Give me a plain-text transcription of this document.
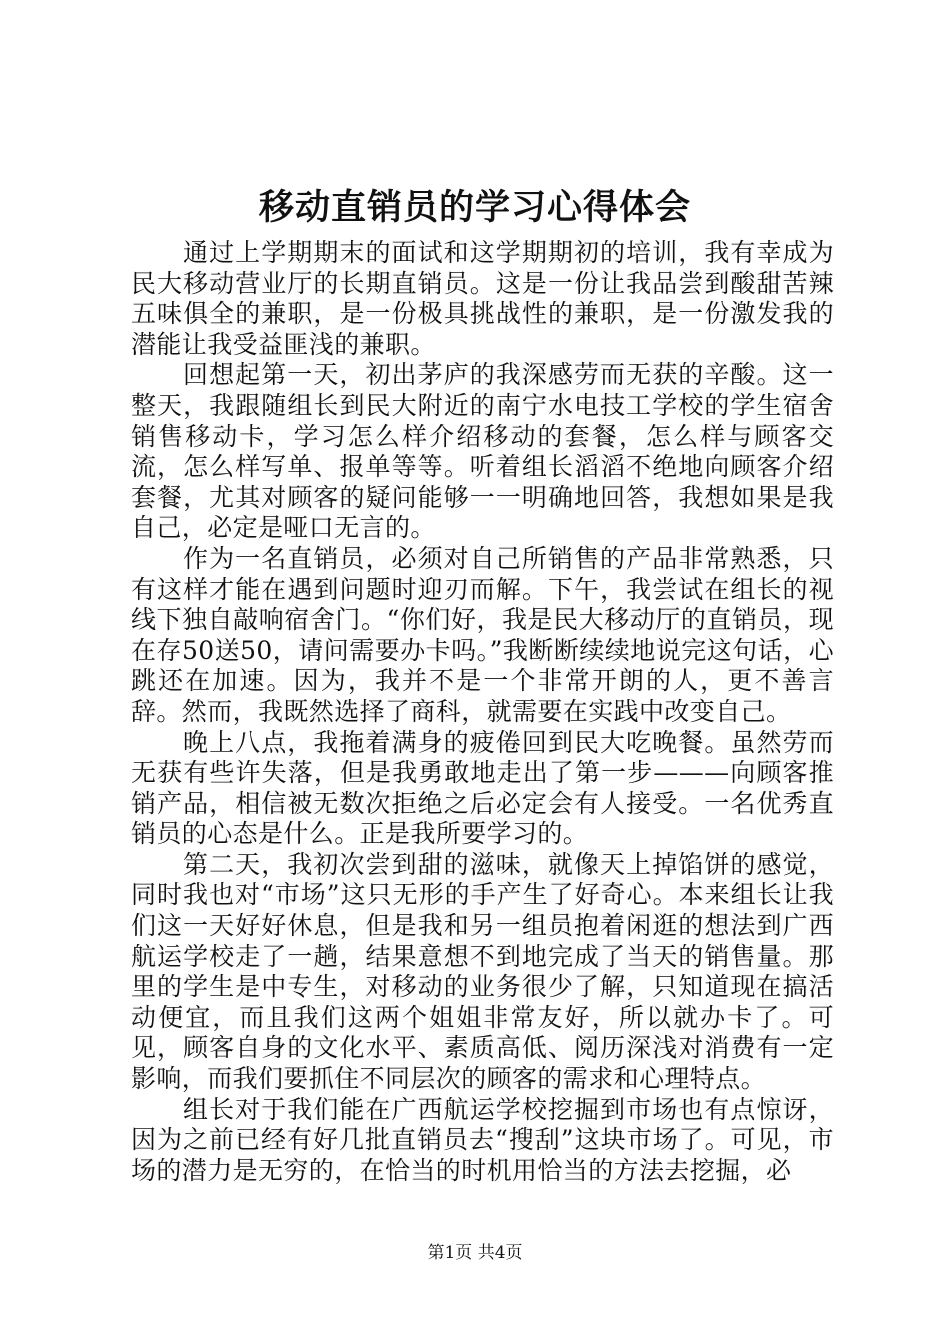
移动直销员的学习心得体会

通过上学期期末的面试和这学期期初的培训，我有幸成为民大移动营业厅的长期直销员。这是一份让我品尝到酸甜苦辣五味俱全的兼职，是一份极具挑战性的兼职，是一份激发我的潜能让我受益匪浅的兼职。

回想起第一天，初出茅庐的我深感劳而无获的辛酸。这一整天，我跟随组长到民大附近的南宁水电技工学校的学生宿舍销售移动卡，学习怎么样介绍移动的套餐，怎么样与顾客交流，怎么样写单、报单等等。听着组长滔滔不绝地向顾客介绍套餐，尤其对顾客的疑问能够一一明确地回答，我想如果是我自己，必定是哑口无言的。

作为一名直销员，必须对自己所销售的产品非常熟悉，只有这样才能在遇到问题时迎刃而解。下午，我尝试在组长的视线下独自敲响宿舍门。“你们好，我是民大移动厅的直销员，现在存50送50，请问需要办卡吗。”我断断续续地说完这句话，心跳还在加速。因为，我并不是一个非常开朗的人，更不善言辞。然而，我既然选择了商科，就需要在实践中改变自己。

晚上八点，我拖着满身的疲倦回到民大吃晚餐。虽然劳而无获有些许失落，但是我勇敢地走出了第一步———向顾客推销产品，相信被无数次拒绝之后必定会有人接受。一名优秀直销员的心态是什么。正是我所要学习的。

第二天，我初次尝到甜的滋味，就像天上掉馅饼的感觉，同时我也对“市场”这只无形的手产生了好奇心。本来组长让我们这一天好好休息，但是我和另一组员抱着闲逛的想法到广西航运学校走了一趟，结果意想不到地完成了当天的销售量。那里的学生是中专生，对移动的业务很少了解，只知道现在搞活动便宜，而且我们这两个姐姐非常友好，所以就办卡了。可见，顾客自身的文化水平、素质高低、阅历深浅对消费有一定影响，而我们要抓住不同层次的顾客的需求和心理特点。

组长对于我们能在广西航运学校挖掘到市场也有点惊讶，因为之前已经有好几批直销员去“搜刮”这块市场了。可见，市场的潜力是无穷的，在恰当的时机用恰当的方法去挖掘，必

第1页 共4页
